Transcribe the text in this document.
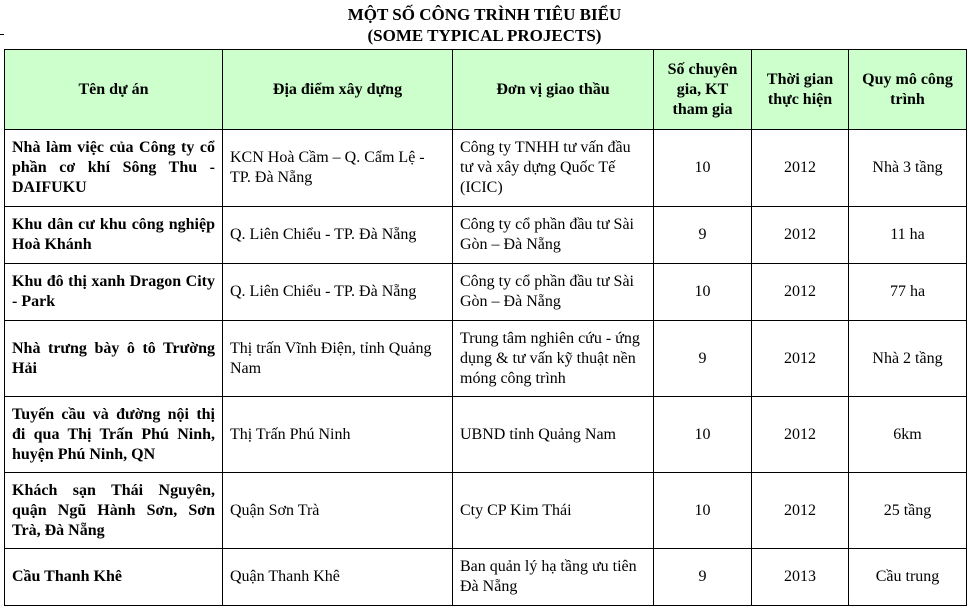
MỘT SỐ CÔNG TRÌNH TIÊU BIỂU
(SOME TYPICAL PROJECTS)
Tên dự án	Địa điểm xây dựng	Đơn vị giao thầu	Số chuyên gia, KT tham gia	Thời gian thực hiện	Quy mô công trình
Nhà làm việc của Công ty cổ phần cơ khí Sông Thu - DAIFUKU	KCN Hoà Cầm – Q. Cẩm Lệ - TP. Đà Nẵng	Công ty TNHH tư vấn đầu tư và xây dựng Quốc Tế (ICIC)	10	2012	Nhà 3 tầng
Khu dân cư khu công nghiệp Hoà Khánh	Q. Liên Chiểu - TP. Đà Nẵng	Công ty cổ phần đầu tư Sài Gòn – Đà Nẵng	9	2012	11 ha
Khu đô thị xanh Dragon City - Park	Q. Liên Chiểu - TP. Đà Nẵng	Công ty cổ phần đầu tư Sài Gòn – Đà Nẵng	10	2012	77 ha
Nhà trưng bày ô tô Trường Hải	Thị trấn Vĩnh Điện, tỉnh Quảng Nam	Trung tâm nghiên cứu - ứng dụng & tư vấn kỹ thuật nền móng công trình	9	2012	Nhà 2 tầng
Tuyến cầu và đường nội thị đi qua Thị Trấn Phú Ninh, huyện Phú Ninh, QN	Thị Trấn Phú Ninh	UBND tỉnh Quảng Nam	10	2012	6km
Khách sạn Thái Nguyên, quận Ngũ Hành Sơn, Sơn Trà, Đà Nẵng	Quận Sơn Trà	Cty CP Kim Thái	10	2012	25 tầng
Cầu Thanh Khê	Quận Thanh Khê	Ban quản lý hạ tầng ưu tiên Đà Nẵng	9	2013	Cầu trung
